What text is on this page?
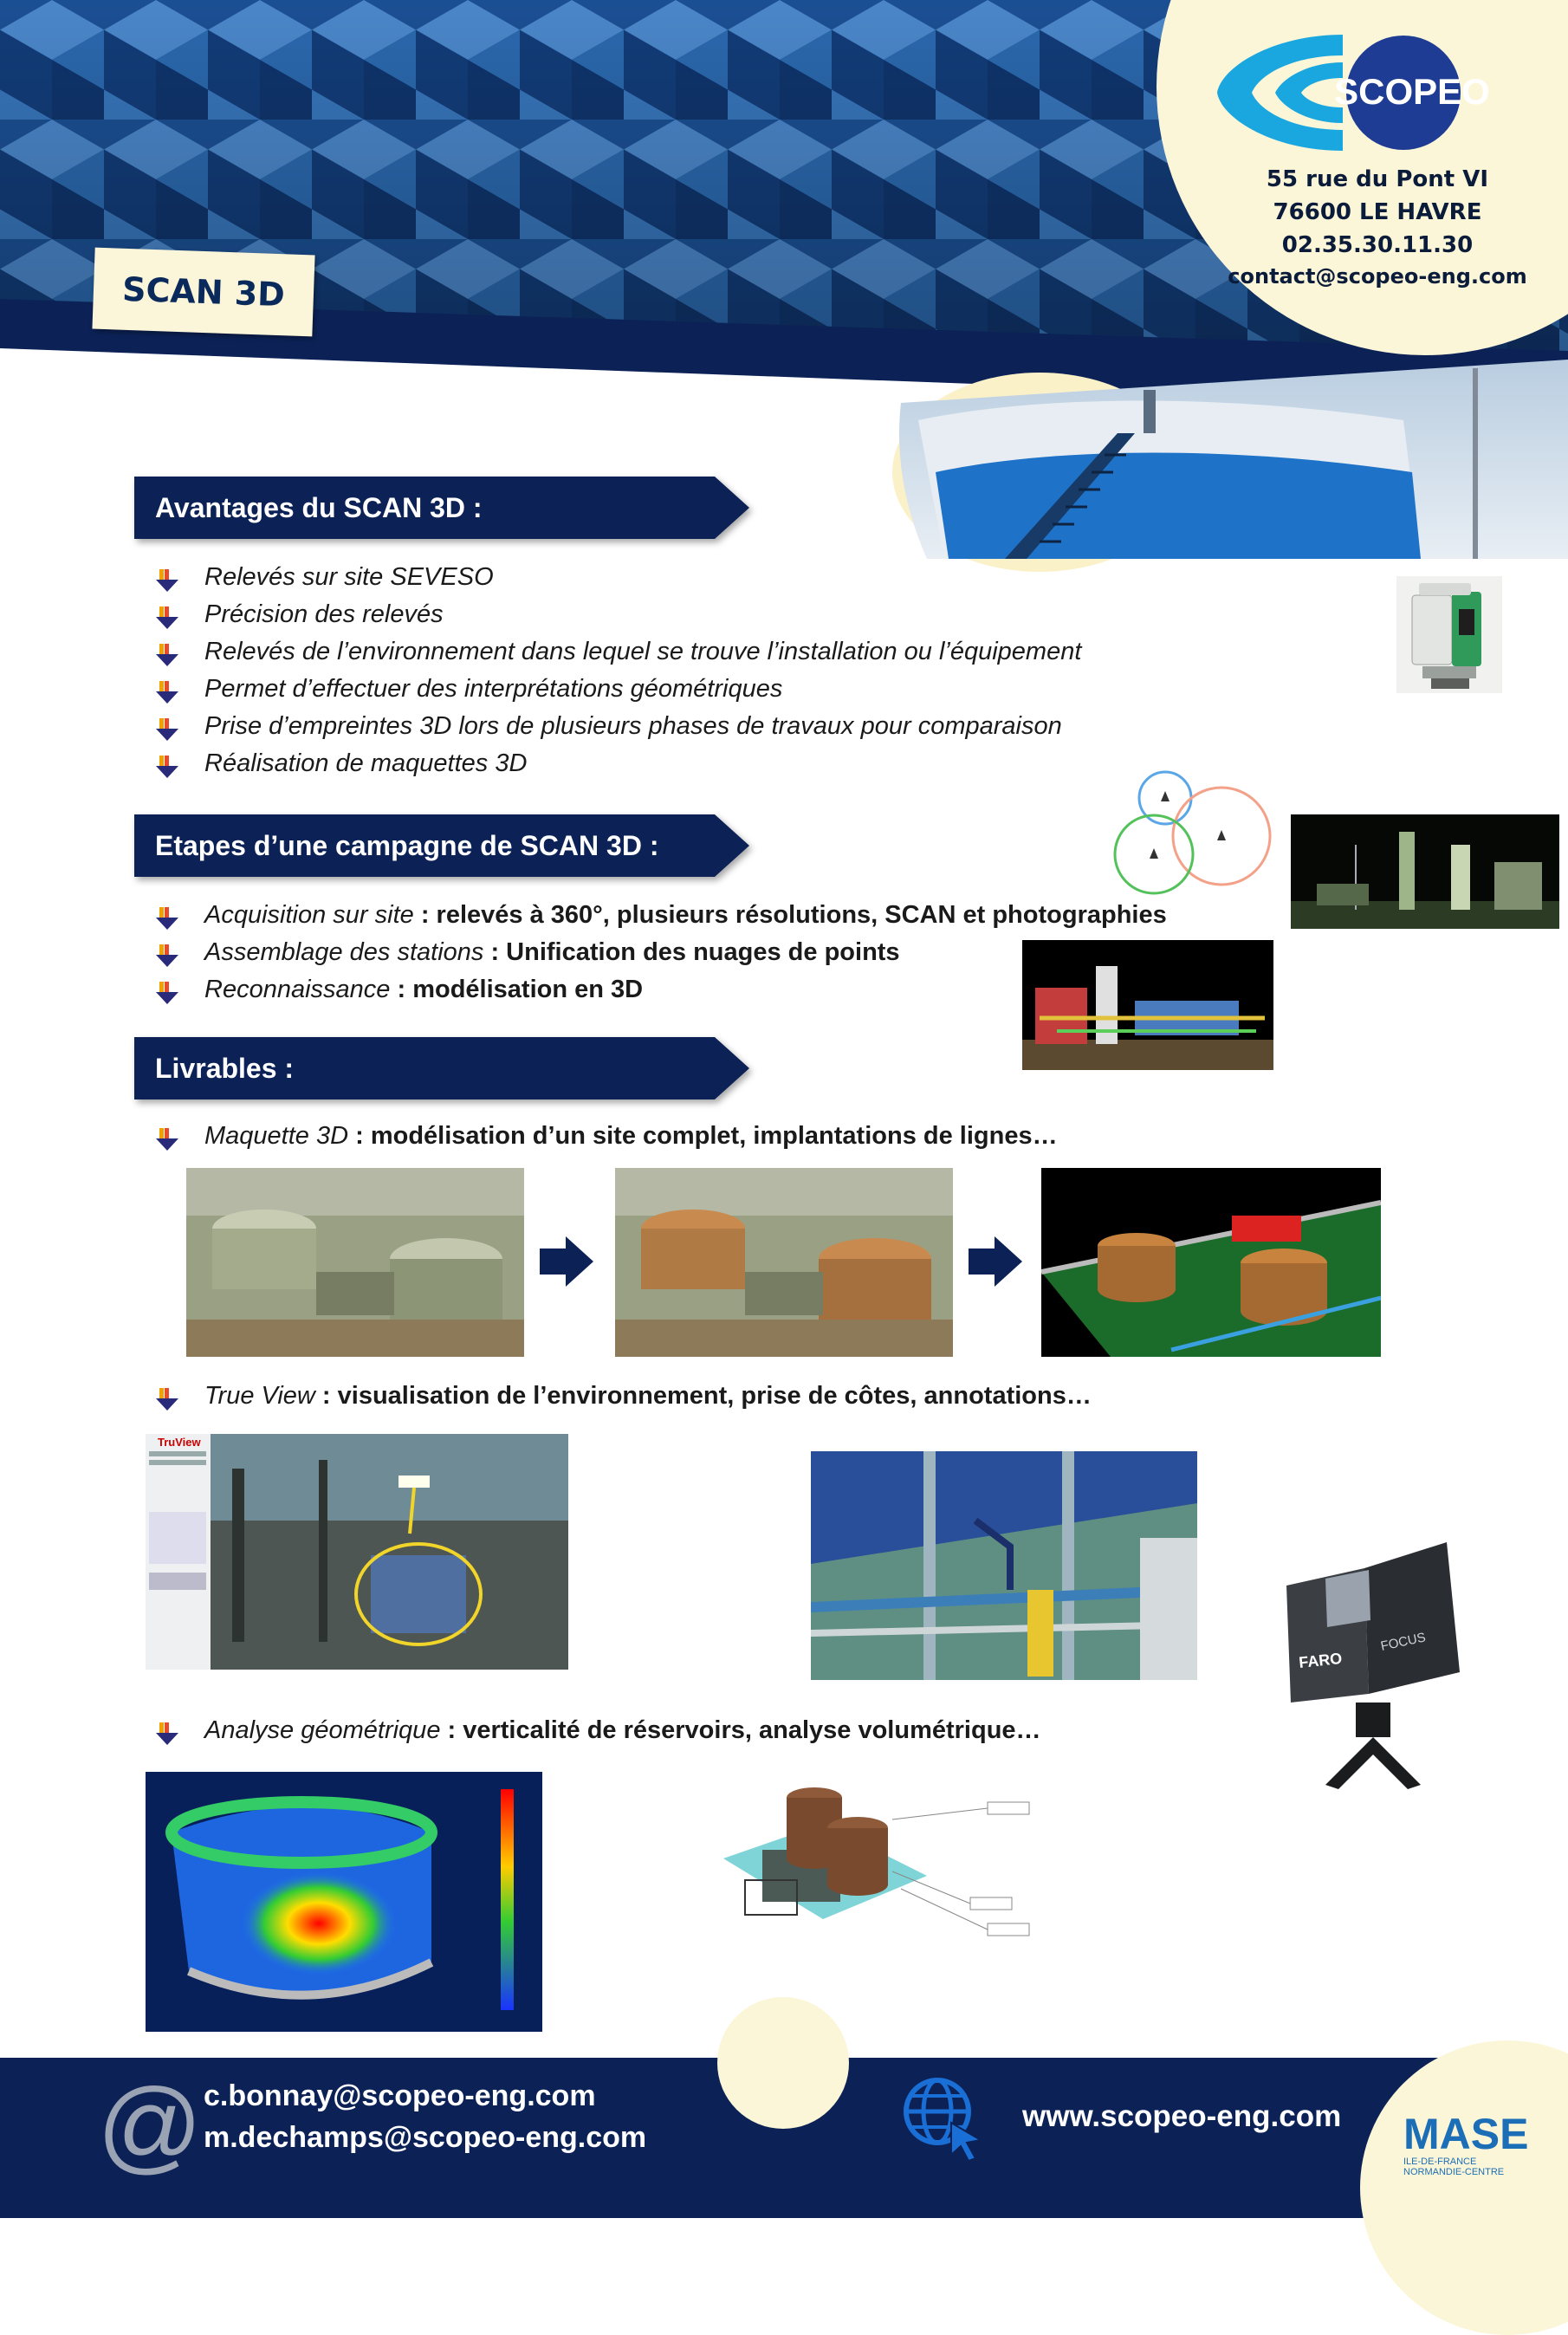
SCAN 3D
SCOPEO
55 rue du Pont VI
76600 LE HAVRE
02.35.30.11.30
contact@scopeo-eng.com
Avantages du SCAN 3D :
Relevés sur site SEVESO
Précision des relevés
Relevés de l’environnement dans lequel se trouve l’installation ou l’équipement
Permet d’effectuer des interprétations géométriques
Prise d’empreintes 3D lors de plusieurs phases de travaux pour comparaison
Réalisation de maquettes 3D
Etapes d’une campagne de SCAN 3D :
Acquisition sur site : relevés à 360°, plusieurs résolutions, SCAN et photographies
Assemblage des stations : Unification des nuages de points
Reconnaissance : modélisation en 3D
Livrables :
Maquette 3D : modélisation d’un site complet, implantations de lignes…
True View : visualisation de l’environnement, prise de côtes, annotations…
TruView
FARO
FOCUS
Analyse géométrique : verticalité de réservoirs, analyse volumétrique…
@ c.bonnay@scopeo-eng.com
m.dechamps@scopeo-eng.com
www.scopeo-eng.com MASE
ILE-DE-FRANCE
NORMANDIE-CENTRE
